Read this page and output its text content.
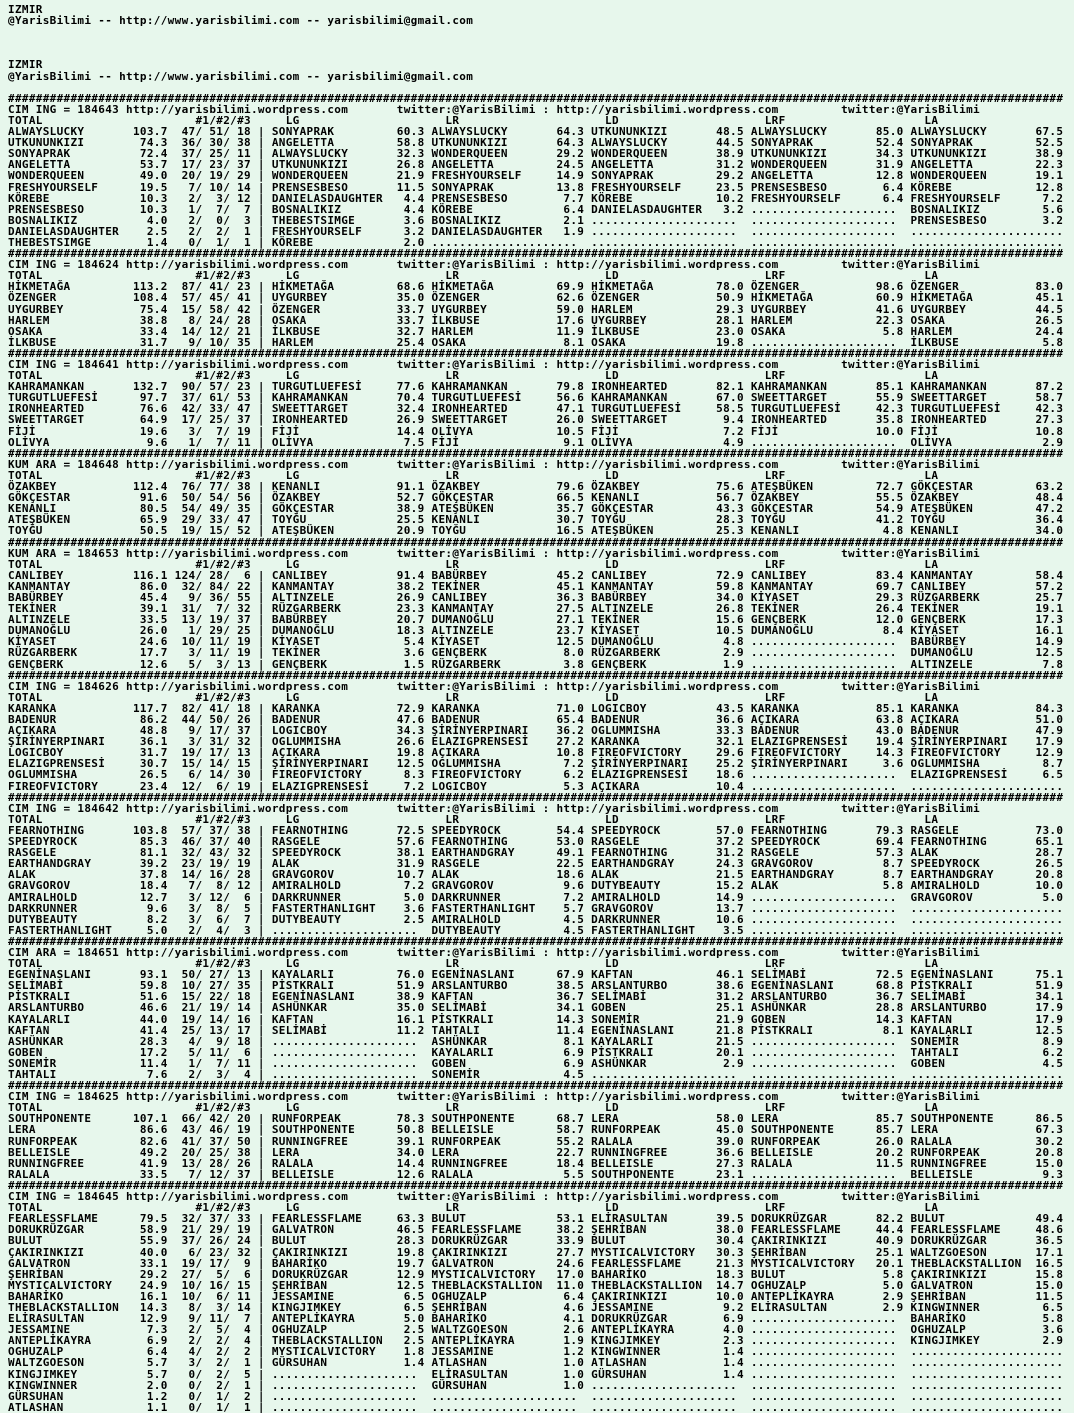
IZMIR
@YarisBilimi -- http://www.yarisbilimi.com -- yarisbilimi@gmail.com

IZMIR
@YarisBilimi -- http://www.yarisbilimi.com -- yarisbilimi@gmail.com

########################################################################################################################################################
CIM ING = 184643 http://yarisbilimi.wordpress.com       twitter:@YarisBilimi : http://yarisbilimi.wordpress.com         twitter:@YarisBilimi
TOTAL                      #1/#2/#3     LG                     LR                     LD                     LRF                    LA
ALWAYSLUCKY       103.7  47/ 51/ 18 | SONYAPRAK         60.3 ALWAYSLUCKY       64.3 UTKUNUNKIZI       48.5 ALWAYSLUCKY       85.0 ALWAYSLUCKY       67.5
UTKUNUNKIZI        74.3  36/ 30/ 38 | ANGELETTA         58.8 UTKUNUNKIZI       64.3 ALWAYSLUCKY       44.5 SONYAPRAK         52.4 SONYAPRAK         52.5
SONYAPRAK          72.4  37/ 25/ 11 | ALWAYSLUCKY       32.3 WONDERQUEEN       29.2 WONDERQUEEN       38.9 UTKUNUNKIZI       34.3 UTKUNUNKIZI       38.9
ANGELETTA          53.7  17/ 23/ 37 | UTKUNUNKIZI       26.8 ANGELETTA         24.5 ANGELETTA         31.2 WONDERQUEEN       31.9 ANGELETTA         22.3
WONDERQUEEN        49.0  20/ 19/ 29 | WONDERQUEEN       21.9 FRESHYOURSELF     14.9 SONYAPRAK         29.2 ANGELETTA         12.8 WONDERQUEEN       19.1
FRESHYOURSELF      19.5   7/ 10/ 14 | PRENSESBESO       11.5 SONYAPRAK         13.8 FRESHYOURSELF     23.5 PRENSESBESO        6.4 KÖREBE            12.8
KÖREBE             10.3   2/  3/ 12 | DANIELASDAUGHTER   4.4 PRENSESBESO        7.7 KÖREBE            10.2 FRESHYOURSELF      6.4 FRESHYOURSELF      7.2
PRENSESBESO        10.3   1/  7/  7 | BOSNALIKIZ         4.4 KÖREBE             6.4 DANIELASDAUGHTER   3.2 .....................  BOSNALIKIZ         5.6
BOSNALIKIZ          4.0   2/  0/  3 | THEBESTSIMGE       3.6 BOSNALIKIZ         2.1 .....................  .....................  PRENSESBESO        3.2
DANIELASDAUGHTER    2.5   2/  2/  1 | FRESHYOURSELF      3.2 DANIELASDAUGHTER   1.9 .....................  .....................  ......................
THEBESTSIMGE        1.4   0/  1/  1 | KÖREBE             2.0 .....................  .....................  .....................  ......................
########################################################################################################################################################
CIM ING = 184624 http://yarisbilimi.wordpress.com       twitter:@YarisBilimi : http://yarisbilimi.wordpress.com         twitter:@YarisBilimi
TOTAL                      #1/#2/#3     LG                     LR                     LD                     LRF                    LA
HİKMETAĞA         113.2  87/ 41/ 23 | HİKMETAĞA         68.6 HİKMETAĞA         69.9 HİKMETAĞA         78.0 ÖZENGER           98.6 ÖZENGER           83.0
ÖZENGER           108.4  57/ 45/ 41 | UYGURBEY          35.0 ÖZENGER           62.6 ÖZENGER           50.9 HİKMETAĞA         60.9 HİKMETAĞA         45.1
UYGURBEY           75.4  15/ 58/ 42 | ÖZENGER           33.7 UYGURBEY          59.0 HARLEM            29.3 UYGURBEY          41.6 UYGURBEY          44.5
HARLEM             38.8   8/ 24/ 28 | OSAKA             33.7 İLKBUSE           17.6 UYGURBEY          28.1 HARLEM            22.3 OSAKA             26.5
OSAKA              33.4  14/ 12/ 21 | İLKBUSE           32.7 HARLEM            11.9 İLKBUSE           23.0 OSAKA              5.8 HARLEM            24.4
İLKBUSE            31.7   9/ 10/ 35 | HARLEM            25.4 OSAKA              8.1 OSAKA             19.8 .....................  İLKBUSE            5.8
########################################################################################################################################################
CIM ING = 184641 http://yarisbilimi.wordpress.com       twitter:@YarisBilimi : http://yarisbilimi.wordpress.com         twitter:@YarisBilimi
TOTAL                      #1/#2/#3     LG                     LR                     LD                     LRF                    LA
KAHRAMANKAN       132.7  90/ 57/ 23 | TURGUTLUEFESİ     77.6 KAHRAMANKAN       79.8 IRONHEARTED       82.1 KAHRAMANKAN       85.1 KAHRAMANKAN       87.2
TURGUTLUEFESİ      97.7  37/ 61/ 53 | KAHRAMANKAN       70.4 TURGUTLUEFESİ     56.6 KAHRAMANKAN       67.0 SWEETTARGET       55.9 SWEETTARGET       58.7
IRONHEARTED        76.6  42/ 33/ 47 | SWEETTARGET       32.4 IRONHEARTED       47.1 TURGUTLUEFESİ     58.5 TURGUTLUEFESİ     42.3 TURGUTLUEFESİ     42.3
SWEETTARGET        64.9  17/ 25/ 37 | IRONHEARTED       26.9 SWEETTARGET       26.0 SWEETTARGET        9.4 IRONHEARTED       35.8 IRONHEARTED       27.3
FİJİ               19.6   3/  7/ 19 | FİJİ              14.4 OLİVYA            10.5 FİJİ               7.2 FİJİ              10.0 FİJİ              10.8
OLİVYA              9.6   1/  7/ 11 | OLİVYA             7.5 FİJİ               9.1 OLİVYA             4.9 .....................  OLİVYA             2.9
########################################################################################################################################################
KUM ARA = 184648 http://yarisbilimi.wordpress.com       twitter:@YarisBilimi : http://yarisbilimi.wordpress.com         twitter:@YarisBilimi
TOTAL                      #1/#2/#3     LG                     LR                     LD                     LRF                    LA
ÖZAKBEY           112.4  76/ 77/ 38 | KENANLI           91.1 ÖZAKBEY           79.6 ÖZAKBEY           75.6 ATEŞBÜKEN         72.7 GÖKÇESTAR         63.2
GÖKÇESTAR          91.6  50/ 54/ 56 | ÖZAKBEY           52.7 GÖKÇESTAR         66.5 KENANLI           56.7 ÖZAKBEY           55.5 ÖZAKBEY           48.4
KENANLI            80.5  54/ 49/ 35 | GÖKÇESTAR         38.9 ATEŞBÜKEN         35.7 GÖKÇESTAR         43.3 GÖKÇESTAR         54.9 ATEŞBÜKEN         47.2
ATEŞBÜKEN          65.9  29/ 33/ 47 | TOYĞU             25.5 KENANLI           30.7 TOYĞU             28.3 TOYĞU             41.2 TOYĞU             36.4
TOYĞU              50.5  19/ 15/ 52 | ATEŞBÜKEN         20.9 TOYĞU             16.5 ATEŞBÜKEN         25.3 KENANLI            4.8 KENANLI           34.0
########################################################################################################################################################
KUM ARA = 184653 http://yarisbilimi.wordpress.com       twitter:@YarisBilimi : http://yarisbilimi.wordpress.com         twitter:@YarisBilimi
TOTAL                      #1/#2/#3     LG                     LR                     LD                     LRF                    LA
CANLIBEY          116.1 124/ 28/  6 | CANLIBEY          91.4 BABÜRBEY          45.2 CANLIBEY          72.9 CANLIBEY          83.4 KANMANTAY         58.4
KANMANTAY          86.0  32/ 84/ 22 | KANMANTAY         38.2 TEKİNER           45.1 KANMANTAY         59.8 KANMANTAY         69.7 CANLIBEY          57.2
BABÜRBEY           45.4   9/ 36/ 55 | ALTINZELE         26.9 CANLIBEY          36.3 BABÜRBEY          34.0 KİYASET           29.3 RÜZGARBERK        25.7
TEKİNER            39.1  31/  7/ 32 | RÜZGARBERK        23.3 KANMANTAY         27.5 ALTINZELE         26.8 TEKİNER           26.4 TEKİNER           19.1
ALTINZELE          33.5  13/ 19/ 37 | BABÜRBEY          20.7 DUMANOĞLU         27.1 TEKİNER           15.6 GENÇBERK          12.0 GENÇBERK          17.3
DUMANOĞLU          26.0   1/ 29/ 25 | DUMANOĞLU         18.3 ALTINZELE         23.7 KİYASET           10.5 DUMANOĞLU          8.4 KİYASET           16.1
KİYASET            24.6  10/ 11/ 19 | KİYASET            5.4 KİYASET           12.5 DUMANOĞLU          4.8 .....................  BABÜRBEY          14.9
RÜZGARBERK         17.7   3/ 11/ 19 | TEKİNER            3.6 GENÇBERK           8.0 RÜZGARBERK         2.9 .....................  DUMANOĞLU         12.5
GENÇBERK           12.6   5/  3/ 13 | GENÇBERK           1.5 RÜZGARBERK         3.8 GENÇBERK           1.9 .....................  ALTINZELE          7.8
########################################################################################################################################################
CIM ING = 184626 http://yarisbilimi.wordpress.com       twitter:@YarisBilimi : http://yarisbilimi.wordpress.com         twitter:@YarisBilimi
TOTAL                      #1/#2/#3     LG                     LR                     LD                     LRF                    LA
KARANKA           117.7  82/ 41/ 18 | KARANKA           72.9 KARANKA           71.0 LOGICBOY          43.5 KARANKA           85.1 KARANKA           84.3
BADENUR            86.2  44/ 50/ 26 | BADENUR           47.6 BADENUR           65.4 BADENUR           36.6 AÇIKARA           63.8 AÇIKARA           51.0
AÇIKARA            48.8   9/ 17/ 37 | LOGICBOY          34.3 ŞİRİNYERPINARI    36.2 OGLUMMISHA        33.3 BADENUR           43.0 BADENUR           47.9
ŞİRİNYERPINARI     36.1   3/ 31/ 32 | OGLUMMISHA        26.6 ELAZIGPRENSESİ    27.2 KARANKA           32.1 ELAZIGPRENSESİ    19.4 ŞİRİNYERPINARI    17.9
LOGICBOY           31.7  19/ 17/ 13 | AÇIKARA           19.8 AÇIKARA           10.8 FIREOFVICTORY     29.6 FIREOFVICTORY     14.3 FIREOFVICTORY     12.9
ELAZIGPRENSESİ     30.7  15/ 14/ 15 | ŞİRİNYERPINARI    12.5 OGLUMMISHA         7.2 ŞİRİNYERPINARI    25.2 ŞİRİNYERPINARI     3.6 OGLUMMISHA         8.7
OGLUMMISHA         26.5   6/ 14/ 30 | FIREOFVICTORY      8.3 FIREOFVICTORY      6.2 ELAZIGPRENSESİ    18.6 .....................  ELAZIGPRENSESİ     6.5
FIREOFVICTORY      23.4  12/  6/ 19 | ELAZIGPRENSESİ     7.2 LOGICBOY           5.3 AÇIKARA           10.4 .....................  ......................
########################################################################################################################################################
CIM ING = 184642 http://yarisbilimi.wordpress.com       twitter:@YarisBilimi : http://yarisbilimi.wordpress.com         twitter:@YarisBilimi
TOTAL                      #1/#2/#3     LG                     LR                     LD                     LRF                    LA
FEARNOTHING       103.8  57/ 37/ 38 | FEARNOTHING       72.5 SPEEDYROCK        54.4 SPEEDYROCK        57.0 FEARNOTHING       79.3 RASGELE           73.0
SPEEDYROCK         85.3  46/ 37/ 40 | RASGELE           57.6 FEARNOTHING       53.0 RASGELE           37.2 SPEEDYROCK        69.4 FEARNOTHING       65.1
RASGELE            81.1  32/ 43/ 32 | SPEEDYROCK        38.1 EARTHANDGRAY      49.1 FEARNOTHING       31.2 RASGELE           57.3 ALAK              28.7
EARTHANDGRAY       39.2  23/ 19/ 19 | ALAK              31.9 RASGELE           22.5 EARTHANDGRAY      24.3 GRAVGOROV          8.7 SPEEDYROCK        26.5
ALAK               37.8  14/ 16/ 28 | GRAVGOROV         10.7 ALAK              18.6 ALAK              21.5 EARTHANDGRAY       8.7 EARTHANDGRAY      20.8
GRAVGOROV          18.4   7/  8/ 12 | AMIRALHOLD         7.2 GRAVGOROV          9.6 DUTYBEAUTY        15.2 ALAK               5.8 AMIRALHOLD        10.0
AMIRALHOLD         12.7   3/ 12/  6 | DARKRUNNER         5.0 DARKRUNNER         7.2 AMIRALHOLD        14.9 .....................  GRAVGOROV          5.0
DARKRUNNER          9.6   3/  8/  5 | FASTERTHANLIGHT    3.6 FASTERTHANLIGHT    5.7 GRAVGOROV         13.7 .....................  ......................
DUTYBEAUTY          8.2   3/  6/  7 | DUTYBEAUTY         2.5 AMIRALHOLD         4.5 DARKRUNNER        10.6 .....................  ......................
FASTERTHANLIGHT     5.0   2/  4/  3 | .....................  DUTYBEAUTY         4.5 FASTERTHANLIGHT    3.5 .....................  ......................
########################################################################################################################################################
CIM ARA = 184651 http://yarisbilimi.wordpress.com       twitter:@YarisBilimi : http://yarisbilimi.wordpress.com         twitter:@YarisBilimi
TOTAL                      #1/#2/#3     LG                     LR                     LD                     LRF                    LA
EGENİNASLANI       93.1  50/ 27/ 13 | KAYALARLI         76.0 EGENİNASLANI      67.9 KAFTAN            46.1 SELİMABİ          72.5 EGENİNASLANI      75.1
SELİMABİ           59.8  10/ 27/ 35 | PİSTKRALI         51.9 ARSLANTURBO       38.5 ARSLANTURBO       38.6 EGENİNASLANI      68.8 PİSTKRALI         51.9
PİSTKRALI          51.6  15/ 22/ 18 | EGENİNASLANI      38.9 KAFTAN            36.7 SELİMABİ          31.2 ARSLANTURBO       36.7 SELİMABİ          34.1
ARSLANTURBO        46.6  21/ 19/ 14 | ASHÜNKAR          35.0 SELİMABİ          34.1 GOBEN             25.1 ASHÜNKAR          28.8 ARSLANTURBO       17.9
KAYALARLI          44.0  19/ 14/ 16 | KAFTAN            16.1 PİSTKRALI         14.3 SONEMİR           21.9 GOBEN             14.3 KAFTAN            17.9
KAFTAN             41.4  25/ 13/ 17 | SELİMABİ          11.2 TAHTALI           11.4 EGENİNASLANI      21.8 PİSTKRALI          8.1 KAYALARLI         12.5
ASHÜNKAR           28.3   4/  9/ 18 | .....................  ASHÜNKAR           8.1 KAYALARLI         21.5 .....................  SONEMİR            8.9
GOBEN              17.2   5/ 11/  6 | .....................  KAYALARLI          6.9 PİSTKRALI         20.1 .....................  TAHTALI            6.2
SONEMİR            11.4   1/  7/ 11 | .....................  GOBEN              6.9 ASHÜNKAR           2.9 .....................  GOBEN              4.5
TAHTALI             7.6   2/  3/  4 | .....................  SONEMİR            4.5 .....................  .....................  ......................
########################################################################################################################################################
CIM ING = 184625 http://yarisbilimi.wordpress.com       twitter:@YarisBilimi : http://yarisbilimi.wordpress.com         twitter:@YarisBilimi
TOTAL                      #1/#2/#3     LG                     LR                     LD                     LRF                    LA
SOUTHPONENTE      107.1  66/ 42/ 20 | RUNFORPEAK        78.3 SOUTHPONENTE      68.7 LERA              58.0 LERA              85.7 SOUTHPONENTE      86.5
LERA               86.6  43/ 46/ 19 | SOUTHPONENTE      50.8 BELLEISLE         58.7 RUNFORPEAK        45.0 SOUTHPONENTE      85.7 LERA              67.3
RUNFORPEAK         82.6  41/ 37/ 50 | RUNNINGFREE       39.1 RUNFORPEAK        55.2 RALALA            39.0 RUNFORPEAK        26.0 RALALA            30.2
BELLEISLE          49.2  20/ 25/ 38 | LERA              34.0 LERA              22.7 RUNNINGFREE       36.6 BELLEISLE         20.2 RUNFORPEAK        20.8
RUNNINGFREE        41.9  13/ 28/ 26 | RALALA            14.4 RUNNINGFREE       18.4 BELLEISLE         27.3 RALALA            11.5 RUNNINGFREE       15.0
RALALA             33.5   7/ 12/ 37 | BELLEISLE         12.6 RALALA             5.5 SOUTHPONENTE      23.1 .....................  BELLEISLE          9.3
########################################################################################################################################################
CIM ING = 184645 http://yarisbilimi.wordpress.com       twitter:@YarisBilimi : http://yarisbilimi.wordpress.com         twitter:@YarisBilimi
TOTAL                      #1/#2/#3     LG                     LR                     LD                     LRF                    LA
FEARLESSFLAME      79.5  32/ 37/ 33 | FEARLESSFLAME     63.3 BULUT             53.1 ELİRASULTAN       39.5 DORUKRÜZGAR       82.2 BULUT             49.4
DORUKRÜZGAR        58.9  21/ 29/ 19 | GALVATRON         46.5 FEARLESSFLAME     38.2 ŞEHRİBAN          38.0 FEARLESSFLAME     44.4 FEARLESSFLAME     48.6
BULUT              55.9  37/ 26/ 24 | BULUT             28.3 DORUKRÜZGAR       33.9 BULUT             30.4 ÇAKIRINKIZI       40.9 DORUKRÜZGAR       36.5
ÇAKIRINKIZI        40.0   6/ 23/ 32 | ÇAKIRINKIZI       19.8 ÇAKIRINKIZI       27.7 MYSTICALVICTORY   30.3 ŞEHRİBAN          25.1 WALTZGOESON       17.1
GALVATRON          33.1  19/ 17/  9 | BAHARİKO          19.7 GALVATRON         24.6 FEARLESSFLAME     21.3 MYSTICALVICTORY   20.1 THEBLACKSTALLION  16.5
ŞEHRİBAN           29.2  27/  5/  6 | DORUKRÜZGAR       12.9 MYSTICALVICTORY   17.0 BAHARİKO          18.3 BULUT              5.8 ÇAKIRINKIZI       15.8
MYSTICALVICTORY    24.9  10/ 16/ 15 | ŞEHRİBAN          12.5 THEBLACKSTALLION  11.0 THEBLACKSTALLION  14.7 OGHUZALP           5.0 GALVATRON         15.0
BAHARİKO           16.1  10/  6/ 11 | JESSAMINE          6.5 OGHUZALP           6.4 ÇAKIRINKIZI       10.0 ANTEPLİKAYRA       2.9 ŞEHRİBAN          11.5
THEBLACKSTALLION   14.3   8/  3/ 14 | KINGJIMKEY         6.5 ŞEHRİBAN           4.6 JESSAMINE          9.2 ELİRASULTAN        2.9 KINGWINNER         6.5
ELİRASULTAN        12.9   9/ 11/  7 | ANTEPLİKAYRA       5.0 BAHARİKO           4.1 DORUKRÜZGAR        6.9 .....................  BAHARİKO           5.8
JESSAMINE           7.3   2/  5/  4 | OGHUZALP           2.5 WALTZGOESON        2.6 ANTEPLİKAYRA       4.0 .....................  OGHUZALP           3.6
ANTEPLİKAYRA        6.9   2/  2/  4 | THEBLACKSTALLION   2.5 ANTEPLİKAYRA       1.9 KINGJIMKEY         2.3 .....................  KINGJIMKEY         2.9
OGHUZALP            6.4   4/  2/  2 | MYSTICALVICTORY    1.8 JESSAMINE          1.2 KINGWINNER         1.4 .....................  ......................
WALTZGOESON         5.7   3/  2/  1 | GÜRSUHAN           1.4 ATLASHAN           1.0 ATLASHAN           1.4 .....................  ......................
KINGJIMKEY          5.7   0/  2/  5 | .....................  ELİRASULTAN        1.0 GÜRSUHAN           1.4 .....................  ......................
KINGWINNER          2.0   0/  2/  1 | .....................  GÜRSUHAN           1.0 .....................  .....................  ......................
GÜRSUHAN            1.2   0/  1/  2 | .....................  .....................  .....................  .....................  ......................
ATLASHAN            1.1   0/  1/  1 | .....................  .....................  .....................  .....................  ......................
